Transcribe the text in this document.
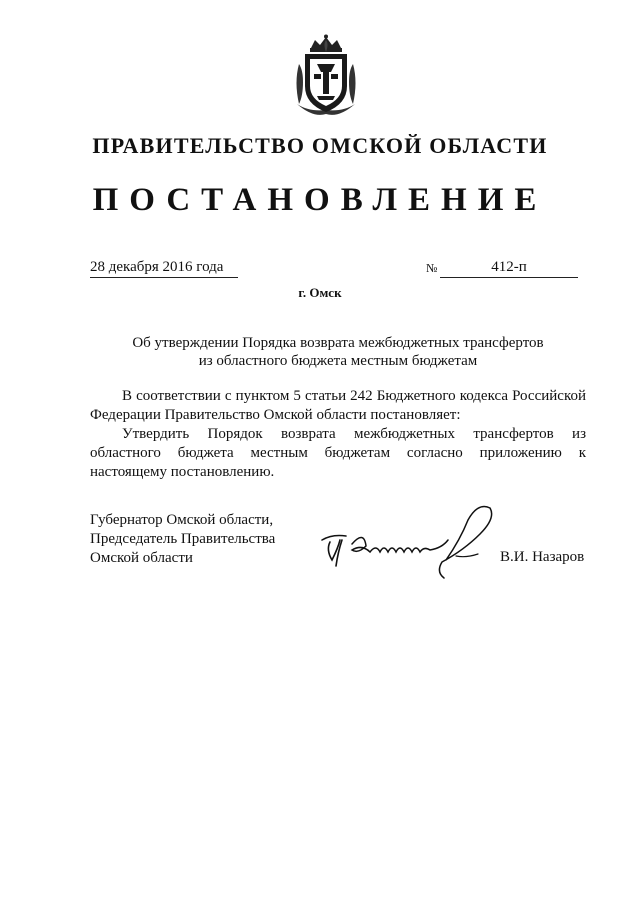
ПРАВИТЕЛЬСТВО ОМСКОЙ ОБЛАСТИ
ПОСТАНОВЛЕНИЕ
28 декабря 2016 года	№	412-п
г. Омск
Об утверждении Порядка возврата межбюджетных трансфертов
из областного бюджета местным бюджетам

В соответствии с пунктом 5 статьи 242 Бюджетного кодекса Российской Федерации Правительство Омской области постановляет:

Утвердить Порядок возврата межбюджетных трансфертов из областного бюджета местным бюджетам согласно приложению к настоящему постановлению.

Губернатор Омской области,
Председатель Правительства
Омской области	В.И. Назаров
